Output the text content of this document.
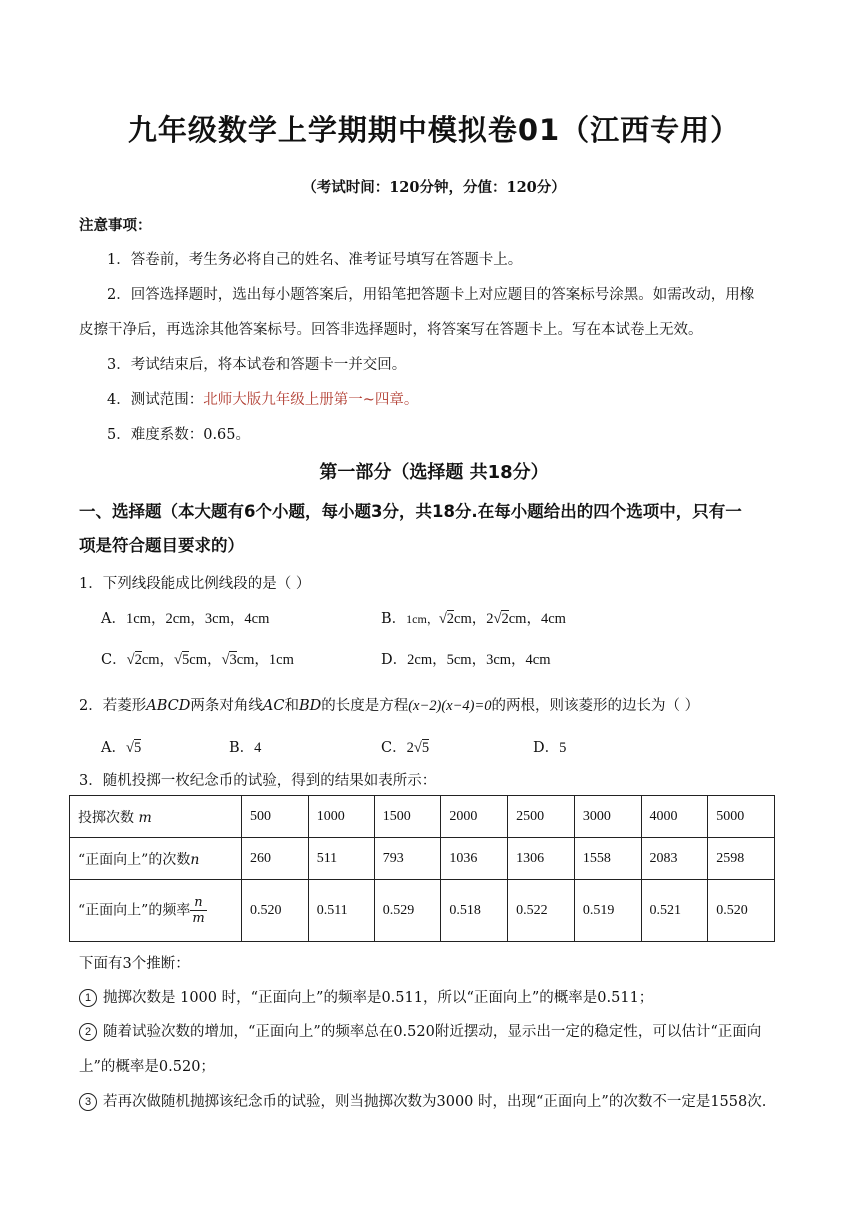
九年级数学上学期期中模拟卷01（江西专用）
（考试时间：120分钟，分值：120分）
注意事项：
1．答卷前，考生务必将自己的姓名、准考证号填写在答题卡上。
2．回答选择题时，选出每小题答案后，用铅笔把答题卡上对应题目的答案标号涂黑。如需改动，用橡
皮擦干净后，再选涂其他答案标号。回答非选择题时，将答案写在答题卡上。写在本试卷上无效。
3．考试结束后，将本试卷和答题卡一并交回。
4．测试范围：北师大版九年级上册第一~四章。
5．难度系数：0.65。
第一部分（选择题 共18分）
一、选择题（本大题有6个小题，每小题3分，共18分.在每小题给出的四个选项中，只有一
项是符合题目要求的）
1．下列线段能成比例线段的是（ ）
A．1cm，2cm，3cm，4cm	B．1cm，√2cm，2√2cm，4cm
C．√2cm，√5cm，√3cm，1cm	D．2cm，5cm，3cm，4cm
2．若菱形ABCD两条对角线AC和BD的长度是方程(x−2)(x−4)=0的两根，则该菱形的边长为（ ）
A．√5	B．4	C．2√5	D．5
3．随机投掷一枚纪念币的试验，得到的结果如表所示：
投掷次数 m	500	1000	1500	2000	2500	3000	4000	5000
“正面向上”的次数n	260	511	793	1036	1306	1558	2083	2598
“正面向上”的频率 $\frac{n}{m}$	0.520	0.511	0.529	0.518	0.522	0.519	0.521	0.520
下面有3个推断：
1 抛掷次数是 1000 时，“正面向上”的频率是0.511，所以“正面向上”的概率是0.511；
2 随着试验次数的增加，“正面向上”的频率总在0.520附近摆动，显示出一定的稳定性，可以估计“正面向
上”的概率是0.520；
3 若再次做随机抛掷该纪念币的试验，则当抛掷次数为3000 时，出现“正面向上”的次数不一定是1558次.
